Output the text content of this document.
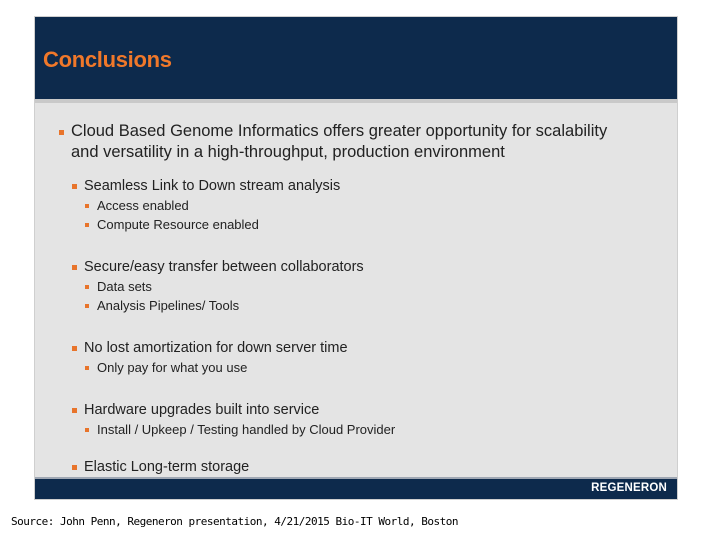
Conclusions
Cloud Based Genome Informatics offers greater opportunity for scalability
and versatility in a high-throughput, production environment
Seamless Link to Down stream analysis
Access enabled
Compute Resource enabled
Secure/easy transfer between collaborators
Data sets
Analysis Pipelines/ Tools
No lost amortization for down server time
Only pay for what you use
Hardware upgrades built into service
Install / Upkeep / Testing handled by Cloud Provider
Elastic Long-term storage
REGENERON
Source: John Penn, Regeneron presentation, 4/21/2015 Bio-IT World, Boston
